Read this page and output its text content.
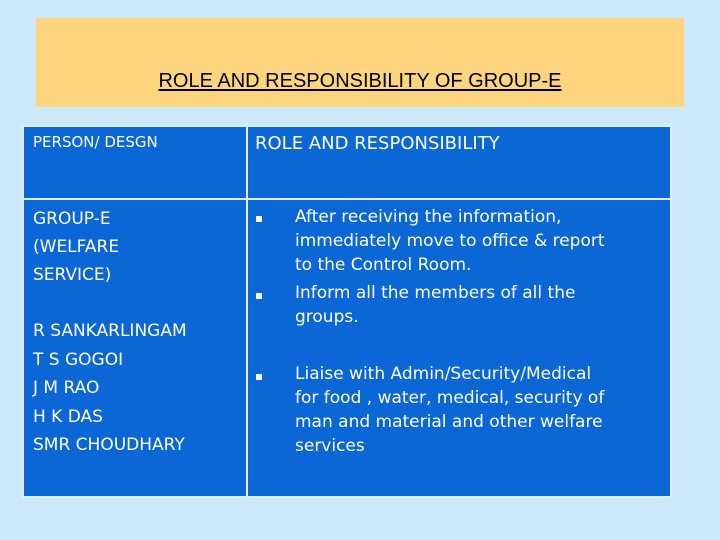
ROLE AND RESPONSIBILITY OF GROUP-E
PERSON/ DESGN	ROLE AND RESPONSIBILITY
GROUP-E
(WELFARE
SERVICE)
R SANKARLINGAM
T S GOGOI
J M RAO
H K DAS
SMR CHOUDHARY
After receiving the information,
immediately move to office & report
to the Control Room.
Inform all the members of all the
groups.
Liaise with Admin/Security/Medical
for food , water, medical, security of
man and material and other welfare
services
